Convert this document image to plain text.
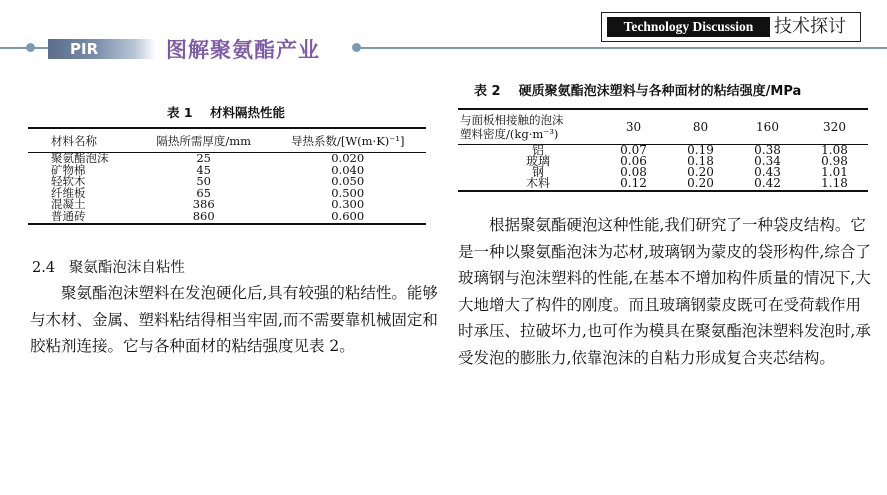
PIR	图解聚氨酯产业
Technology Discussion	技术探讨
表 1    材料隔热性能
材料名称	隔热所需厚度/mm	导热系数/[W(m·K)⁻¹]
聚氨酯泡沫	25	0.020
矿物棉	45	0.040
轻软木	50	0.050
纤维板	65	0.500
混凝土	386	0.300
普通砖	860	0.600
2.4   聚氨酯泡沫自粘性

聚氨酯泡沫塑料在发泡硬化后,具有较强的粘结性。能够与木材、金属、塑料粘结得相当牢固,而不需要靠机械固定和胶粘剂连接。它与各种面材的粘结强度见表 2。

表 2    硬质聚氨酯泡沫塑料与各种面材的粘结强度/MPa
与面板相接触的泡沫
塑料密度/(kg·m⁻³)	30	80	160	320
铝	0.07	0.19	0.38	1.08
玻璃	0.06	0.18	0.34	0.98
钢	0.08	0.20	0.43	1.01
木料	0.12	0.20	0.42	1.18

根据聚氨酯硬泡这种性能,我们研究了一种袋皮结构。它是一种以聚氨酯泡沫为芯材,玻璃钢为蒙皮的袋形构件,综合了玻璃钢与泡沫塑料的性能,在基本不增加构件质量的情况下,大大地增大了构件的刚度。而且玻璃钢蒙皮既可在受荷载作用时承压、拉破坏力,也可作为模具在聚氨酯泡沫塑料发泡时,承受发泡的膨胀力,依靠泡沫的自粘力形成复合夹芯结构。
